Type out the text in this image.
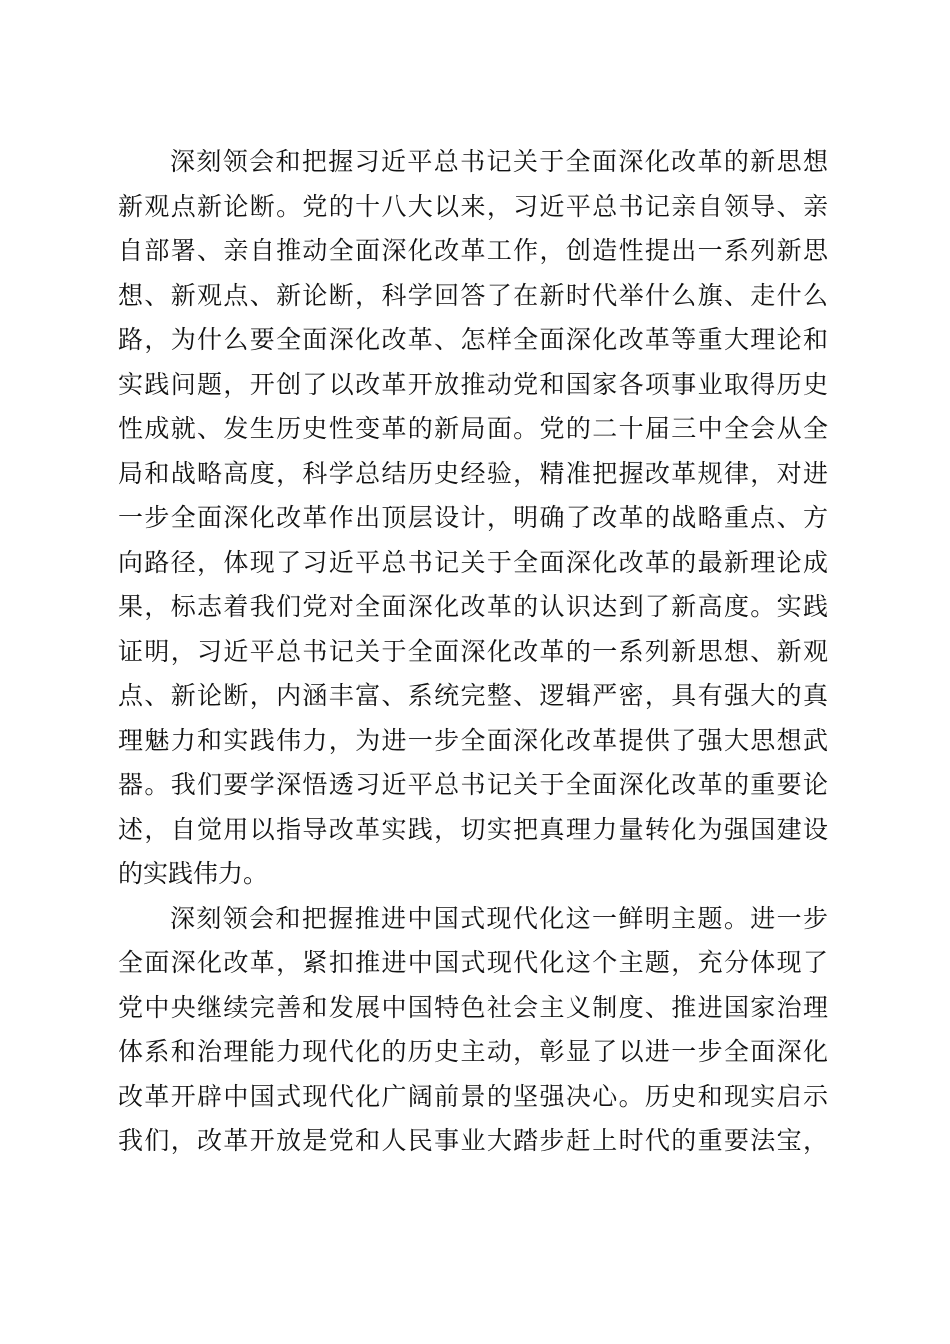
深刻领会和把握习近平总书记关于全面深化改革的新思想
新观点新论断。党的十八大以来，习近平总书记亲自领导、亲
自部署、亲自推动全面深化改革工作，创造性提出一系列新思
想、新观点、新论断，科学回答了在新时代举什么旗、走什么
路，为什么要全面深化改革、怎样全面深化改革等重大理论和
实践问题，开创了以改革开放推动党和国家各项事业取得历史
性成就、发生历史性变革的新局面。党的二十届三中全会从全
局和战略高度，科学总结历史经验，精准把握改革规律，对进
一步全面深化改革作出顶层设计，明确了改革的战略重点、方
向路径，体现了习近平总书记关于全面深化改革的最新理论成
果，标志着我们党对全面深化改革的认识达到了新高度。实践
证明，习近平总书记关于全面深化改革的一系列新思想、新观
点、新论断，内涵丰富、系统完整、逻辑严密，具有强大的真
理魅力和实践伟力，为进一步全面深化改革提供了强大思想武
器。我们要学深悟透习近平总书记关于全面深化改革的重要论
述，自觉用以指导改革实践，切实把真理力量转化为强国建设
的实践伟力。
深刻领会和把握推进中国式现代化这一鲜明主题。进一步
全面深化改革，紧扣推进中国式现代化这个主题，充分体现了
党中央继续完善和发展中国特色社会主义制度、推进国家治理
体系和治理能力现代化的历史主动，彰显了以进一步全面深化
改革开辟中国式现代化广阔前景的坚强决心。历史和现实启示
我们，改革开放是党和人民事业大踏步赶上时代的重要法宝，
